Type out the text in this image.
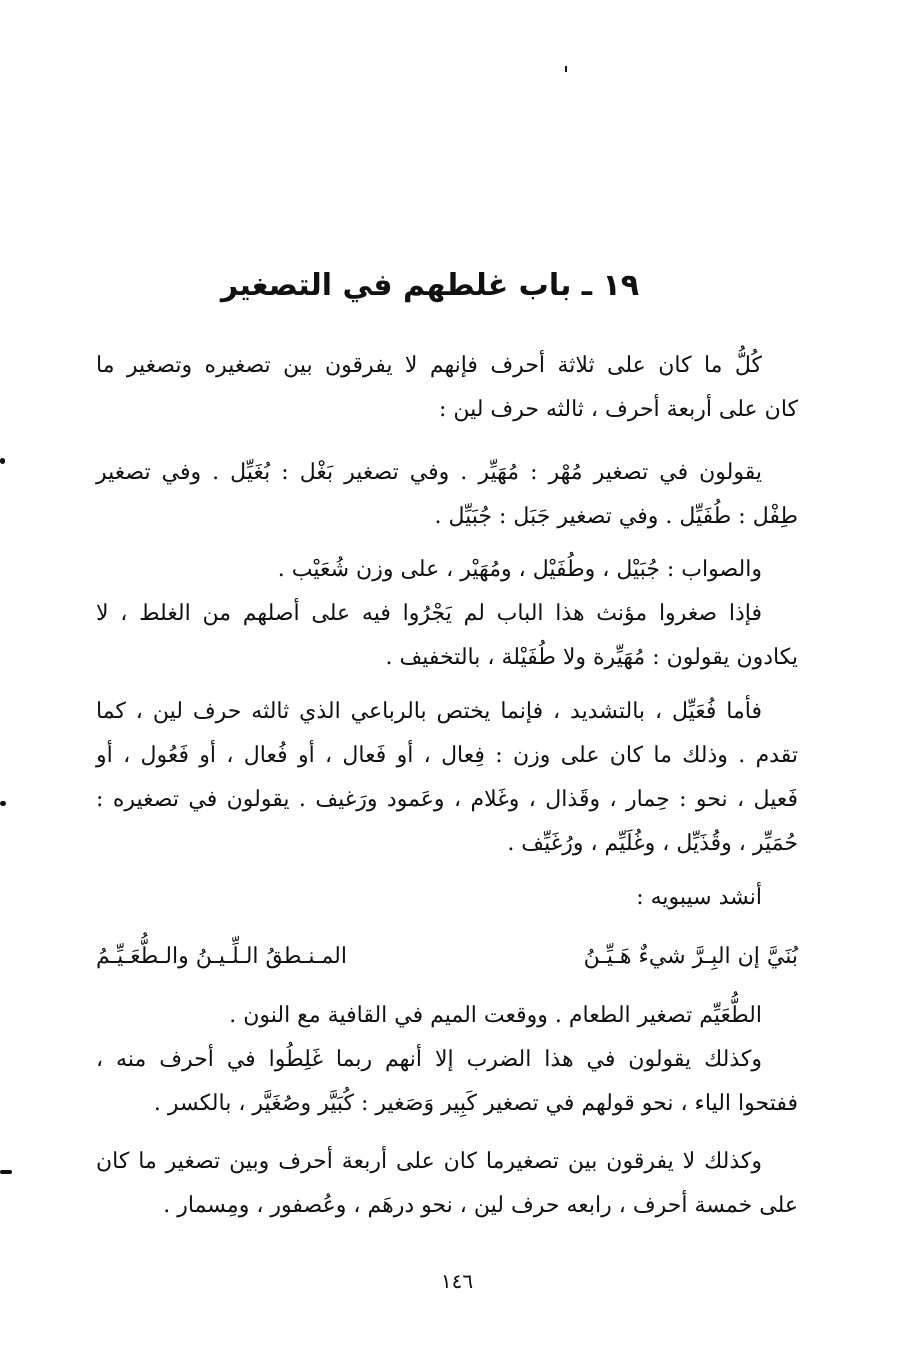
١٩ ـ باب غلطهم في التصغير
كُلُّ ما كان على ثلاثة أحرف فإنهم لا يفرقون بين تصغيره وتصغير ما
كان على أربعة أحرف ، ثالثه حرف لين :
يقولون في تصغير مُهْر : مُهَيِّر . وفي تصغير بَغْل : بُغَيِّل . وفي تصغير
طِفْل : طُفَيِّل . وفي تصغير جَبَل : جُبَيِّل .
والصواب : جُبَيْل ، وطُفَيْل ، ومُهَيْر ، على وزن شُعَيْب .
فإذا صغروا مؤنث هذا الباب لم يَجْرُوا فيه على أصلهم من الغلط ، لا
يكادون يقولون : مُهَيِّرة ولا طُفَيْلة ، بالتخفيف .
فأما فُعَيِّل ، بالتشديد ، فإنما يختص بالرباعي الذي ثالثه حرف لين ، كما
تقدم . وذلك ما كان على وزن : فِعال ، أو فَعال ، أو فُعال ، أو فَعُول ، أو
فَعيل ، نحو : حِمار ، وقَذال ، وغَلام ، وعَمود ورَغيف . يقولون في تصغيره :
حُمَيِّر ، وقُذَيِّل ، وغُلَيِّم ، ورُغَيِّف .
أنشد سيبويه :
بُنَيَّ إن البِـرَّ شيءٌ هَـيِّـنُ
المـنـطقُ الـلِّـيـنُ والـطُّعَـيِّـمُ
الطُّعَيِّم تصغير الطعام . ووقعت الميم في القافية مع النون .
وكذلك يقولون في هذا الضرب إلا أنهم ربما غَلِطُوا في أحرف منه ،
ففتحوا الياء ، نحو قولهم في تصغير كَبِير وَصَغير : كُبَيَّر وصُغَيَّر ، بالكسر .
وكذلك لا يفرقون بين تصغيرما كان على أربعة أحرف وبين تصغير ما كان
على خمسة أحرف ، رابعه حرف لين ، نحو درهَم ، وعُصفور ، ومِسمار .
١٤٦
